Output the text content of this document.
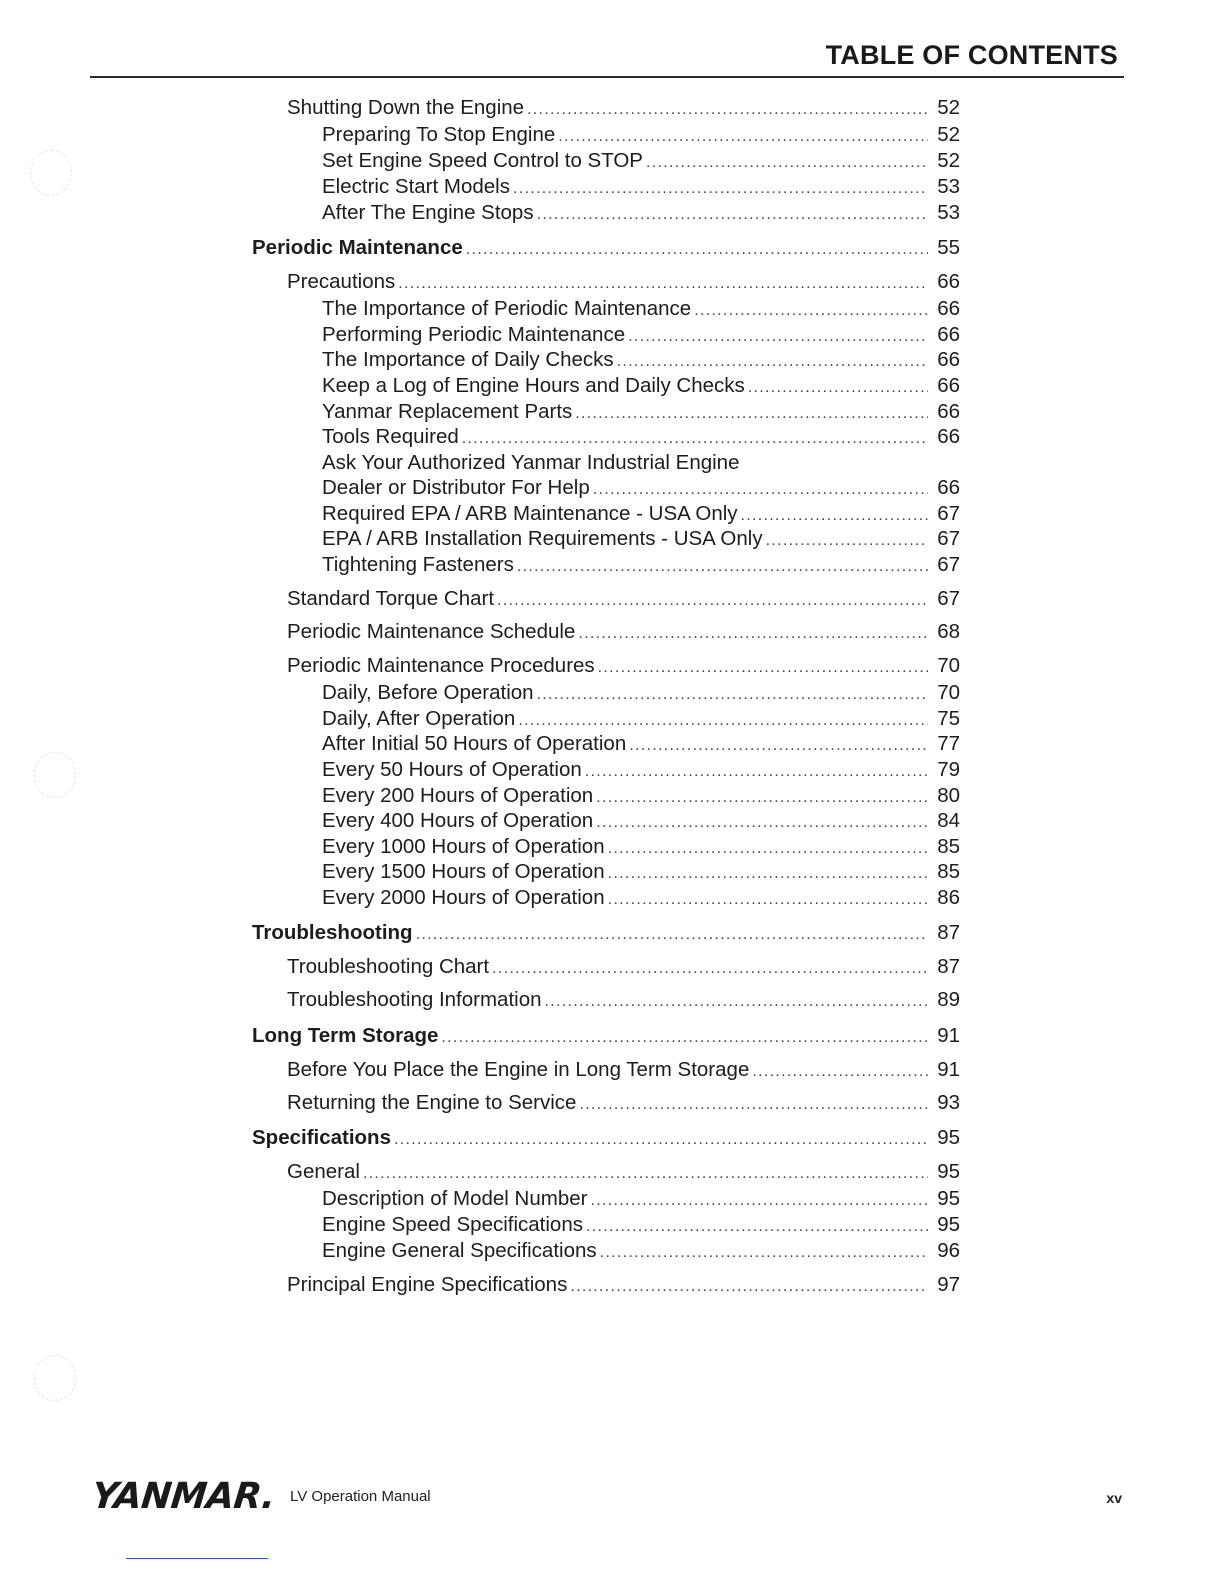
TABLE OF CONTENTS
Shutting Down the Engine .....	52
Preparing To Stop Engine .....	52
Set Engine Speed Control to STOP .....	52
Electric Start Models .....	53
After The Engine Stops .....	53
Periodic Maintenance .....	55
Precautions .....	66
The Importance of Periodic Maintenance .....	66
Performing Periodic Maintenance .....	66
The Importance of Daily Checks .....	66
Keep a Log of Engine Hours and Daily Checks .....	66
Yanmar Replacement Parts .....	66
Tools Required .....	66
Ask Your Authorized Yanmar Industrial Engine
Dealer or Distributor For Help .....	66
Required EPA / ARB Maintenance - USA Only .....	67
EPA / ARB Installation Requirements - USA Only .....	67
Tightening Fasteners .....	67
Standard Torque Chart .....	67
Periodic Maintenance Schedule .....	68
Periodic Maintenance Procedures .....	70
Daily, Before Operation .....	70
Daily, After Operation .....	75
After Initial 50 Hours of Operation .....	77
Every 50 Hours of Operation .....	79
Every 200 Hours of Operation .....	80
Every 400 Hours of Operation .....	84
Every 1000 Hours of Operation .....	85
Every 1500 Hours of Operation .....	85
Every 2000 Hours of Operation .....	86
Troubleshooting .....	87
Troubleshooting Chart .....	87
Troubleshooting Information .....	89
Long Term Storage .....	91
Before You Place the Engine in Long Term Storage .....	91
Returning the Engine to Service .....	93
Specifications .....	95
General .....	95
Description of Model Number .....	95
Engine Speed Specifications .....	95
Engine General Specifications .....	96
Principal Engine Specifications .....	97
YANMAR. LV Operation Manual	xv
